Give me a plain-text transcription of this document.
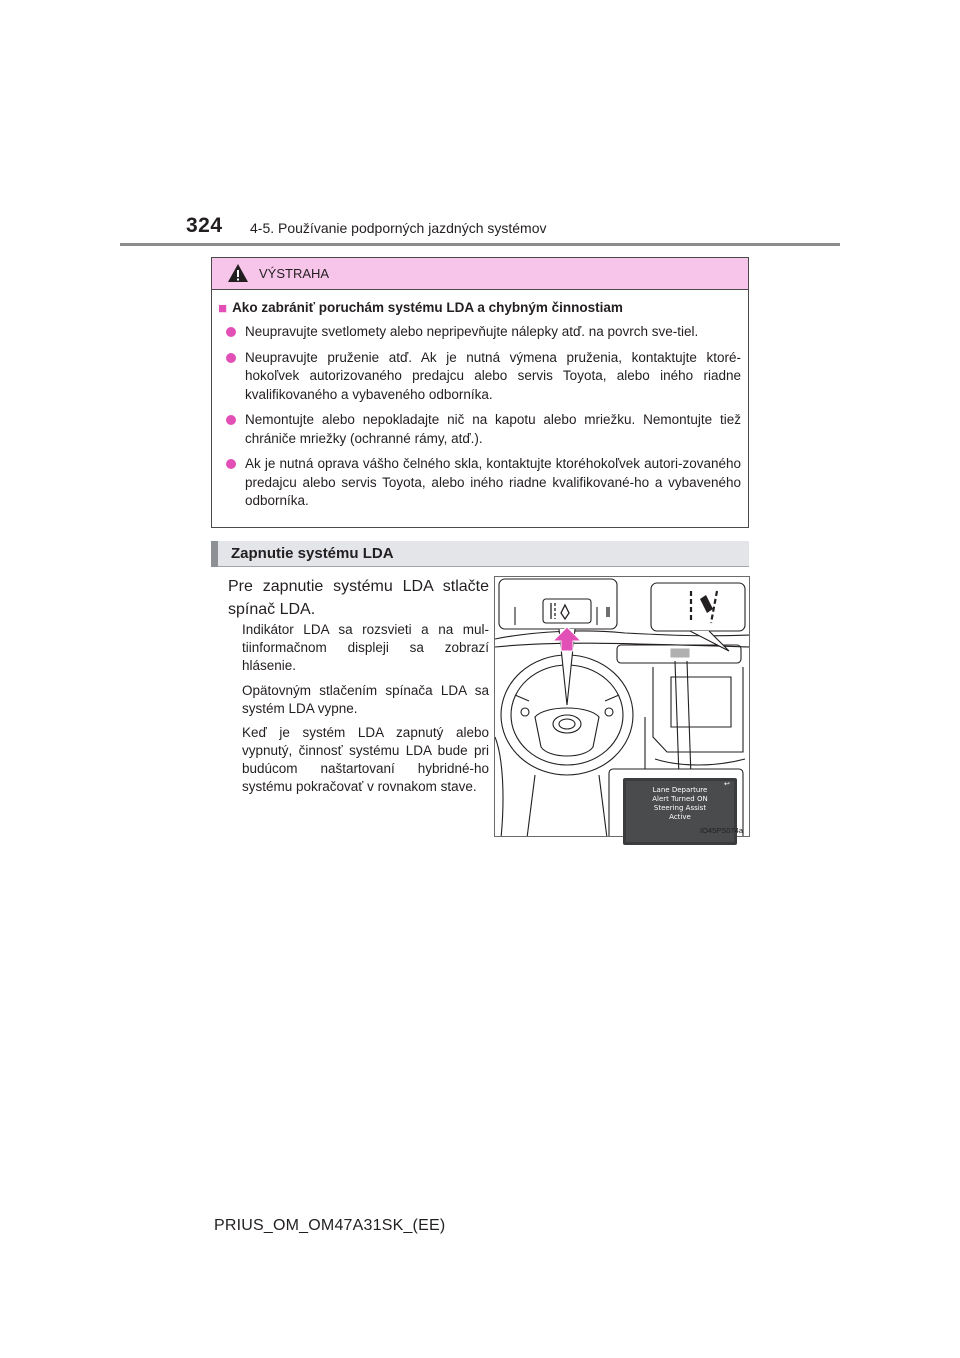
324 4-5. Používanie podporných jazdných systémov
VÝSTRAHA
■ Ako zabrániť poruchám systému LDA a chybným činnostiam
Neupravujte svetlomety alebo nepripevňujte nálepky atď. na povrch sve-tiel.
Neupravujte pruženie atď. Ak je nutná výmena pruženia, kontaktujte ktoré-hokoľvek autorizovaného predajcu alebo servis Toyota, alebo iného riadne kvalifikovaného a vybaveného odborníka.
Nemontujte alebo nepokladajte nič na kapotu alebo mriežku. Nemontujte tiež chrániče mriežky (ochranné rámy, atď.).
Ak je nutná oprava vášho čelného skla, kontaktujte ktoréhokoľvek autori-zovaného predajcu alebo servis Toyota, alebo iného riadne kvalifikované-ho a vybaveného odborníka.
Zapnutie systému LDA

Pre zapnutie systému LDA stlačte spínač LDA.

Indikátor LDA sa rozsvieti a na mul-tiinformačnom displeji sa zobrazí hlásenie.

Opätovným stlačením spínača LDA sa systém LDA vypne.

Keď je systém LDA zapnutý alebo vypnutý, činnosť systému LDA bude pri budúcom naštartovaní hybridné-ho systému pokračovať v rovnakom stave.	↩
Lane Departure
Alert Turned ON
Steering Assist
Active
IO45PS074a
PRIUS_OM_OM47A31SK_(EE)
